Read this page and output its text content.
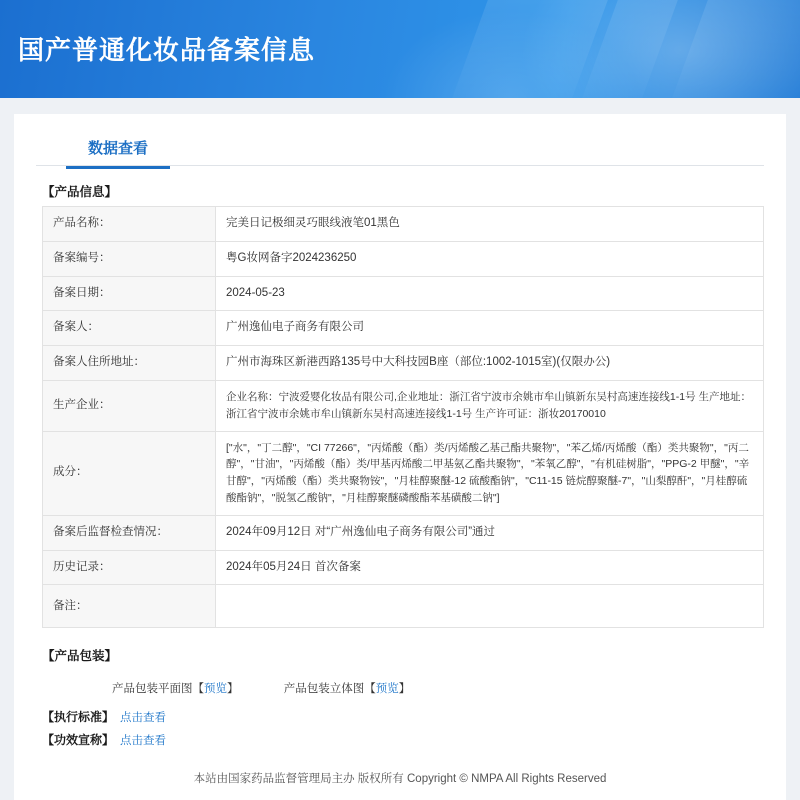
国产普通化妆品备案信息
数据查看
【产品信息】
产品名称：	完美日记极细灵巧眼线液笔01黑色
备案编号：	粤G妆网备字2024236250
备案日期：	2024-05-23
备案人：	广州逸仙电子商务有限公司
备案人住所地址：	广州市海珠区新港西路135号中大科技园B座（部位:1002-1015室)(仅限办公)
生产企业：	企业名称：宁波爱婴化妆品有限公司,企业地址：浙江省宁波市余姚市牟山镇新东吴村高速连接线1-1号 生产地址：浙江省宁波市余姚市牟山镇新东吴村高速连接线1-1号 生产许可证：浙妆20170010
成分：	["水"，"丁二醇"，"CI 77266"，"丙烯酸（酯）类/丙烯酸乙基己酯共聚物"，"苯乙烯/丙烯酸（酯）类共聚物"，"丙二醇"，"甘油"，"丙烯酸（酯）类/甲基丙烯酸二甲基氨乙酯共聚物"，"苯氧乙醇"，"有机硅树脂"，"PPG-2 甲醚"，"辛甘醇"，"丙烯酸（酯）类共聚物铵"，"月桂醇聚醚-12 硫酸酯钠"，"C11-15 链烷醇聚醚-7"，"山梨醇酐"，"月桂醇硫酸酯钠"，"脱氢乙酸钠"，"月桂醇聚醚磷酸酯苯基磺酸二钠"]
备案后监督检查情况：	2024年09月12日 对“广州逸仙电子商务有限公司”通过
历史记录：	2024年05月24日 首次备案
备注：	
【产品包装】
产品包装平面图【预览】	产品包装立体图【预览】
【执行标准】 点击查看
【功效宣称】 点击查看
本站由国家药品监督管理局主办 版权所有 Copyright © NMPA All Rights Reserved
